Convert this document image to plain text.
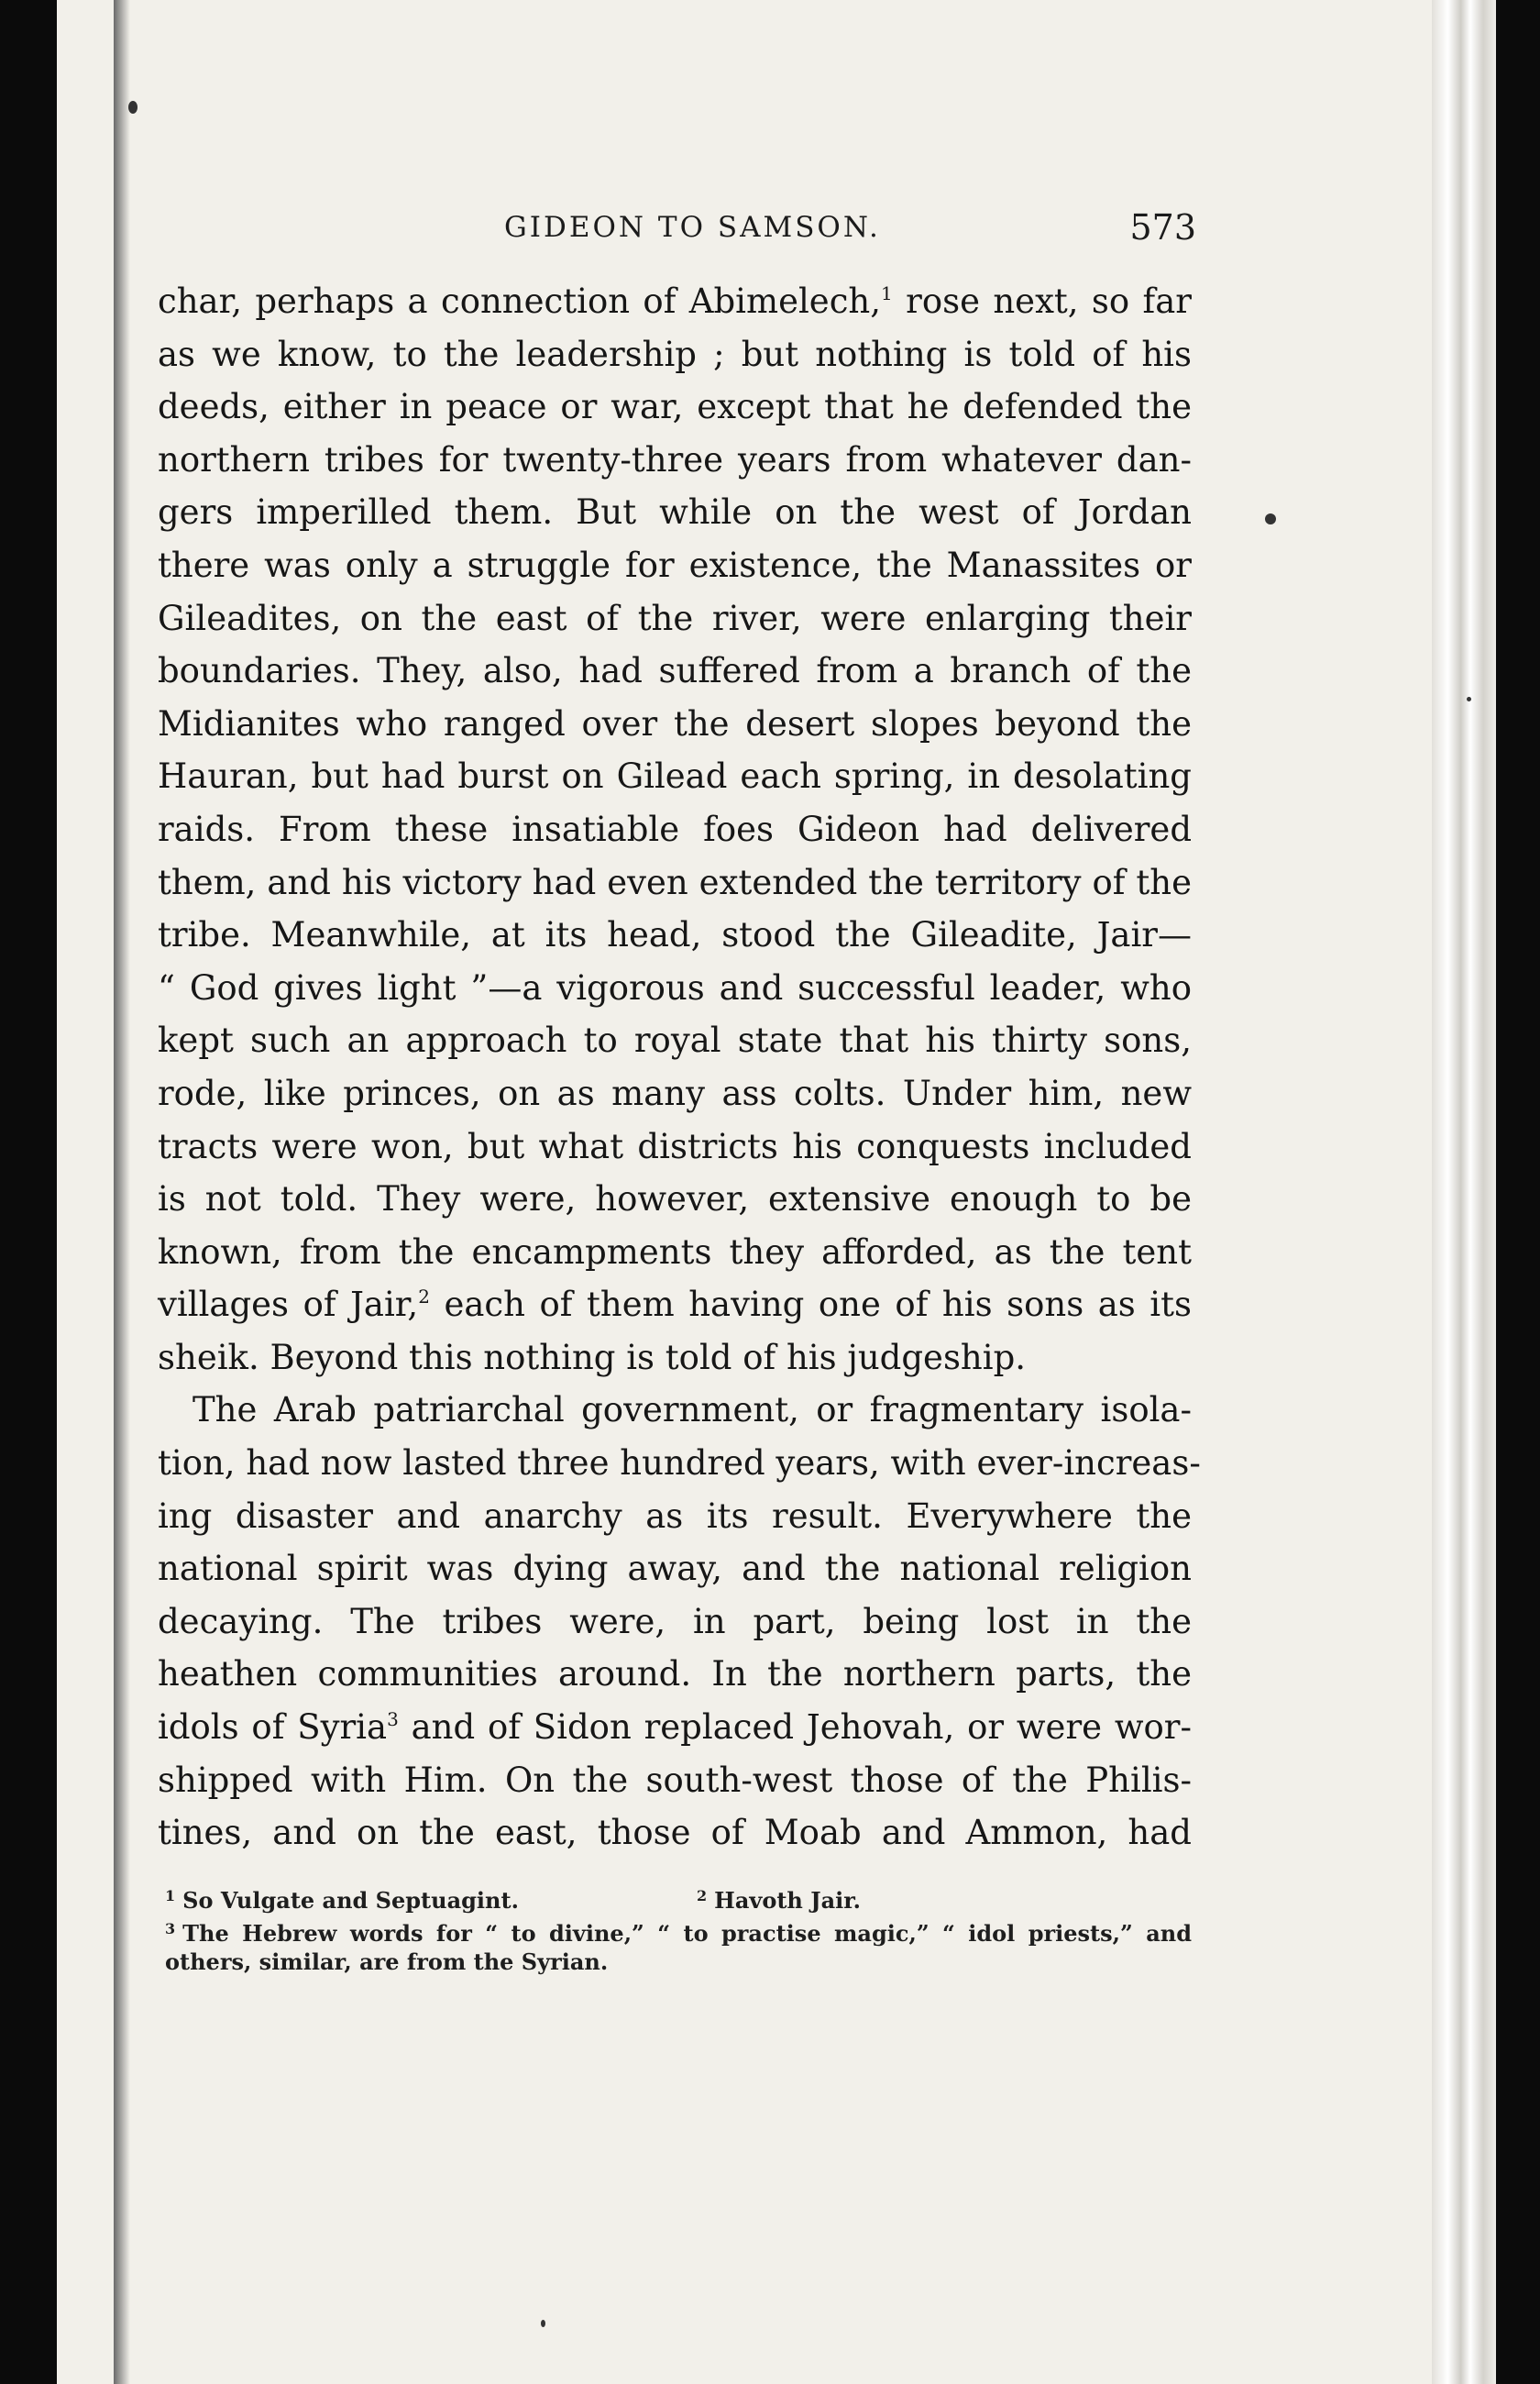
GIDEON TO SAMSON.	573
char, perhaps a connection of Abimelech,$^1$ rose next, so far
as we know, to the leadership ; but nothing is told of his
deeds, either in peace or war, except that he defended the
northern tribes for twenty-three years from whatever dan-
gers imperilled them. But while on the west of Jordan
there was only a struggle for existence, the Manassites or
Gileadites, on the east of the river, were enlarging their
boundaries. They, also, had suffered from a branch of the
Midianites who ranged over the desert slopes beyond the
Hauran, but had burst on Gilead each spring, in desolating
raids. From these insatiable foes Gideon had delivered
them, and his victory had even extended the territory of the
tribe. Meanwhile, at its head, stood the Gileadite, Jair—
“ God gives light ”—a vigorous and successful leader, who
kept such an approach to royal state that his thirty sons,
rode, like princes, on as many ass colts. Under him, new
tracts were won, but what districts his conquests included
is not told. They were, however, extensive enough to be
known, from the encampments they afforded, as the tent
villages of Jair,$^2$ each of them having one of his sons as its
sheik. Beyond this nothing is told of his judgeship.
The Arab patriarchal government, or fragmentary isola-
tion, had now lasted three hundred years, with ever-increas-
ing disaster and anarchy as its result. Everywhere the
national spirit was dying away, and the national religion
decaying. The tribes were, in part, being lost in the
heathen communities around. In the northern parts, the
idols of Syria$^3$ and of Sidon replaced Jehovah, or were wor-
shipped with Him. On the south-west those of the Philis-
tines, and on the east, those of Moab and Ammon, had
$^1$ So Vulgate and Septuagint.	$^2$ Havoth Jair.
$^3$ The Hebrew words for “ to divine,” “ to practise magic,” “ idol priests,” and others, similar, are from the Syrian.
